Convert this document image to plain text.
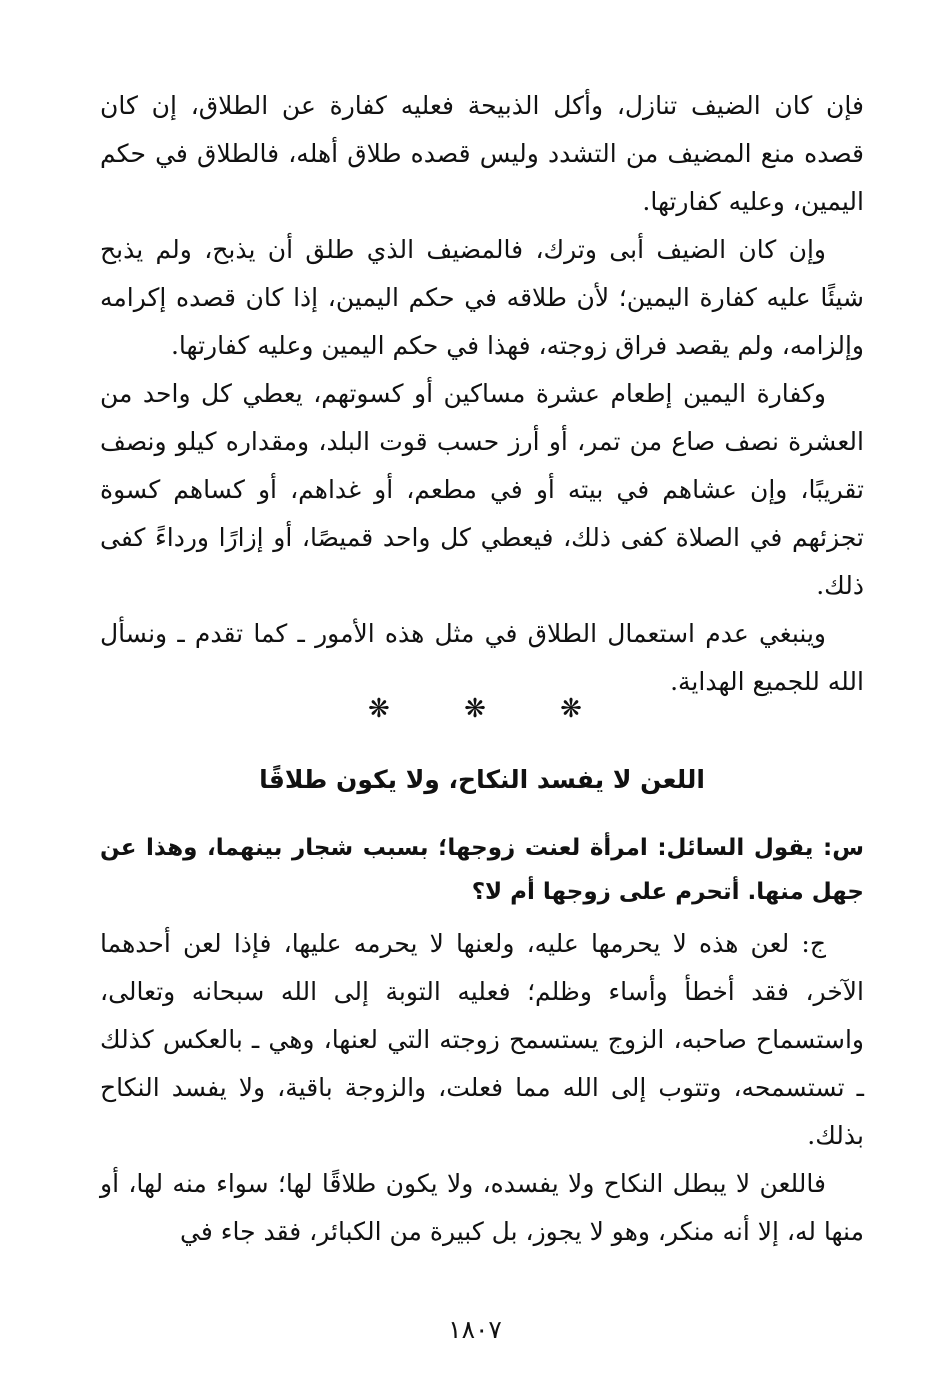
فإن كان الضيف تنازل، وأكل الذبيحة فعليه كفارة عن الطلاق، إن كان قصده منع المضيف من التشدد وليس قصده طلاق أهله، فالطلاق في حكم اليمين، وعليه كفارتها.

وإن كان الضيف أبى وترك، فالمضيف الذي طلق أن يذبح، ولم يذبح شيئًا عليه كفارة اليمين؛ لأن طلاقه في حكم اليمين، إذا كان قصده إكرامه وإلزامه، ولم يقصد فراق زوجته، فهذا في حكم اليمين وعليه كفارتها.

وكفارة اليمين إطعام عشرة مساكين أو كسوتهم، يعطي كل واحد من العشرة نصف صاع من تمر، أو أرز حسب قوت البلد، ومقداره كيلو ونصف تقريبًا، وإن عشاهم في بيته أو في مطعم، أو غداهم، أو كساهم كسوة تجزئهم في الصلاة كفى ذلك، فيعطي كل واحد قميصًا، أو إزارًا ورداءً كفى ذلك.

وينبغي عدم استعمال الطلاق في مثل هذه الأمور ـ كما تقدم ـ ونسأل الله للجميع الهداية.

❋ ❋ ❋
اللعن لا يفسد النكاح، ولا يكون طلاقًا
س: يقول السائل: امرأة لعنت زوجها؛ بسبب شجار بينهما، وهذا عن جهل منها. أتحرم على زوجها أم لا؟

ج: لعن هذه لا يحرمها عليه، ولعنها لا يحرمه عليها، فإذا لعن أحدهما الآخر، فقد أخطأ وأساء وظلم؛ فعليه التوبة إلى الله سبحانه وتعالى، واستسماح صاحبه، الزوج يستسمح زوجته التي لعنها، وهي ـ بالعكس كذلك ـ تستسمحه، وتتوب إلى الله مما فعلت، والزوجة باقية، ولا يفسد النكاح بذلك.

فاللعن لا يبطل النكاح ولا يفسده، ولا يكون طلاقًا لها؛ سواء منه لها، أو منها له، إلا أنه منكر، وهو لا يجوز، بل كبيرة من الكبائر، فقد جاء في

١٨٠٧
